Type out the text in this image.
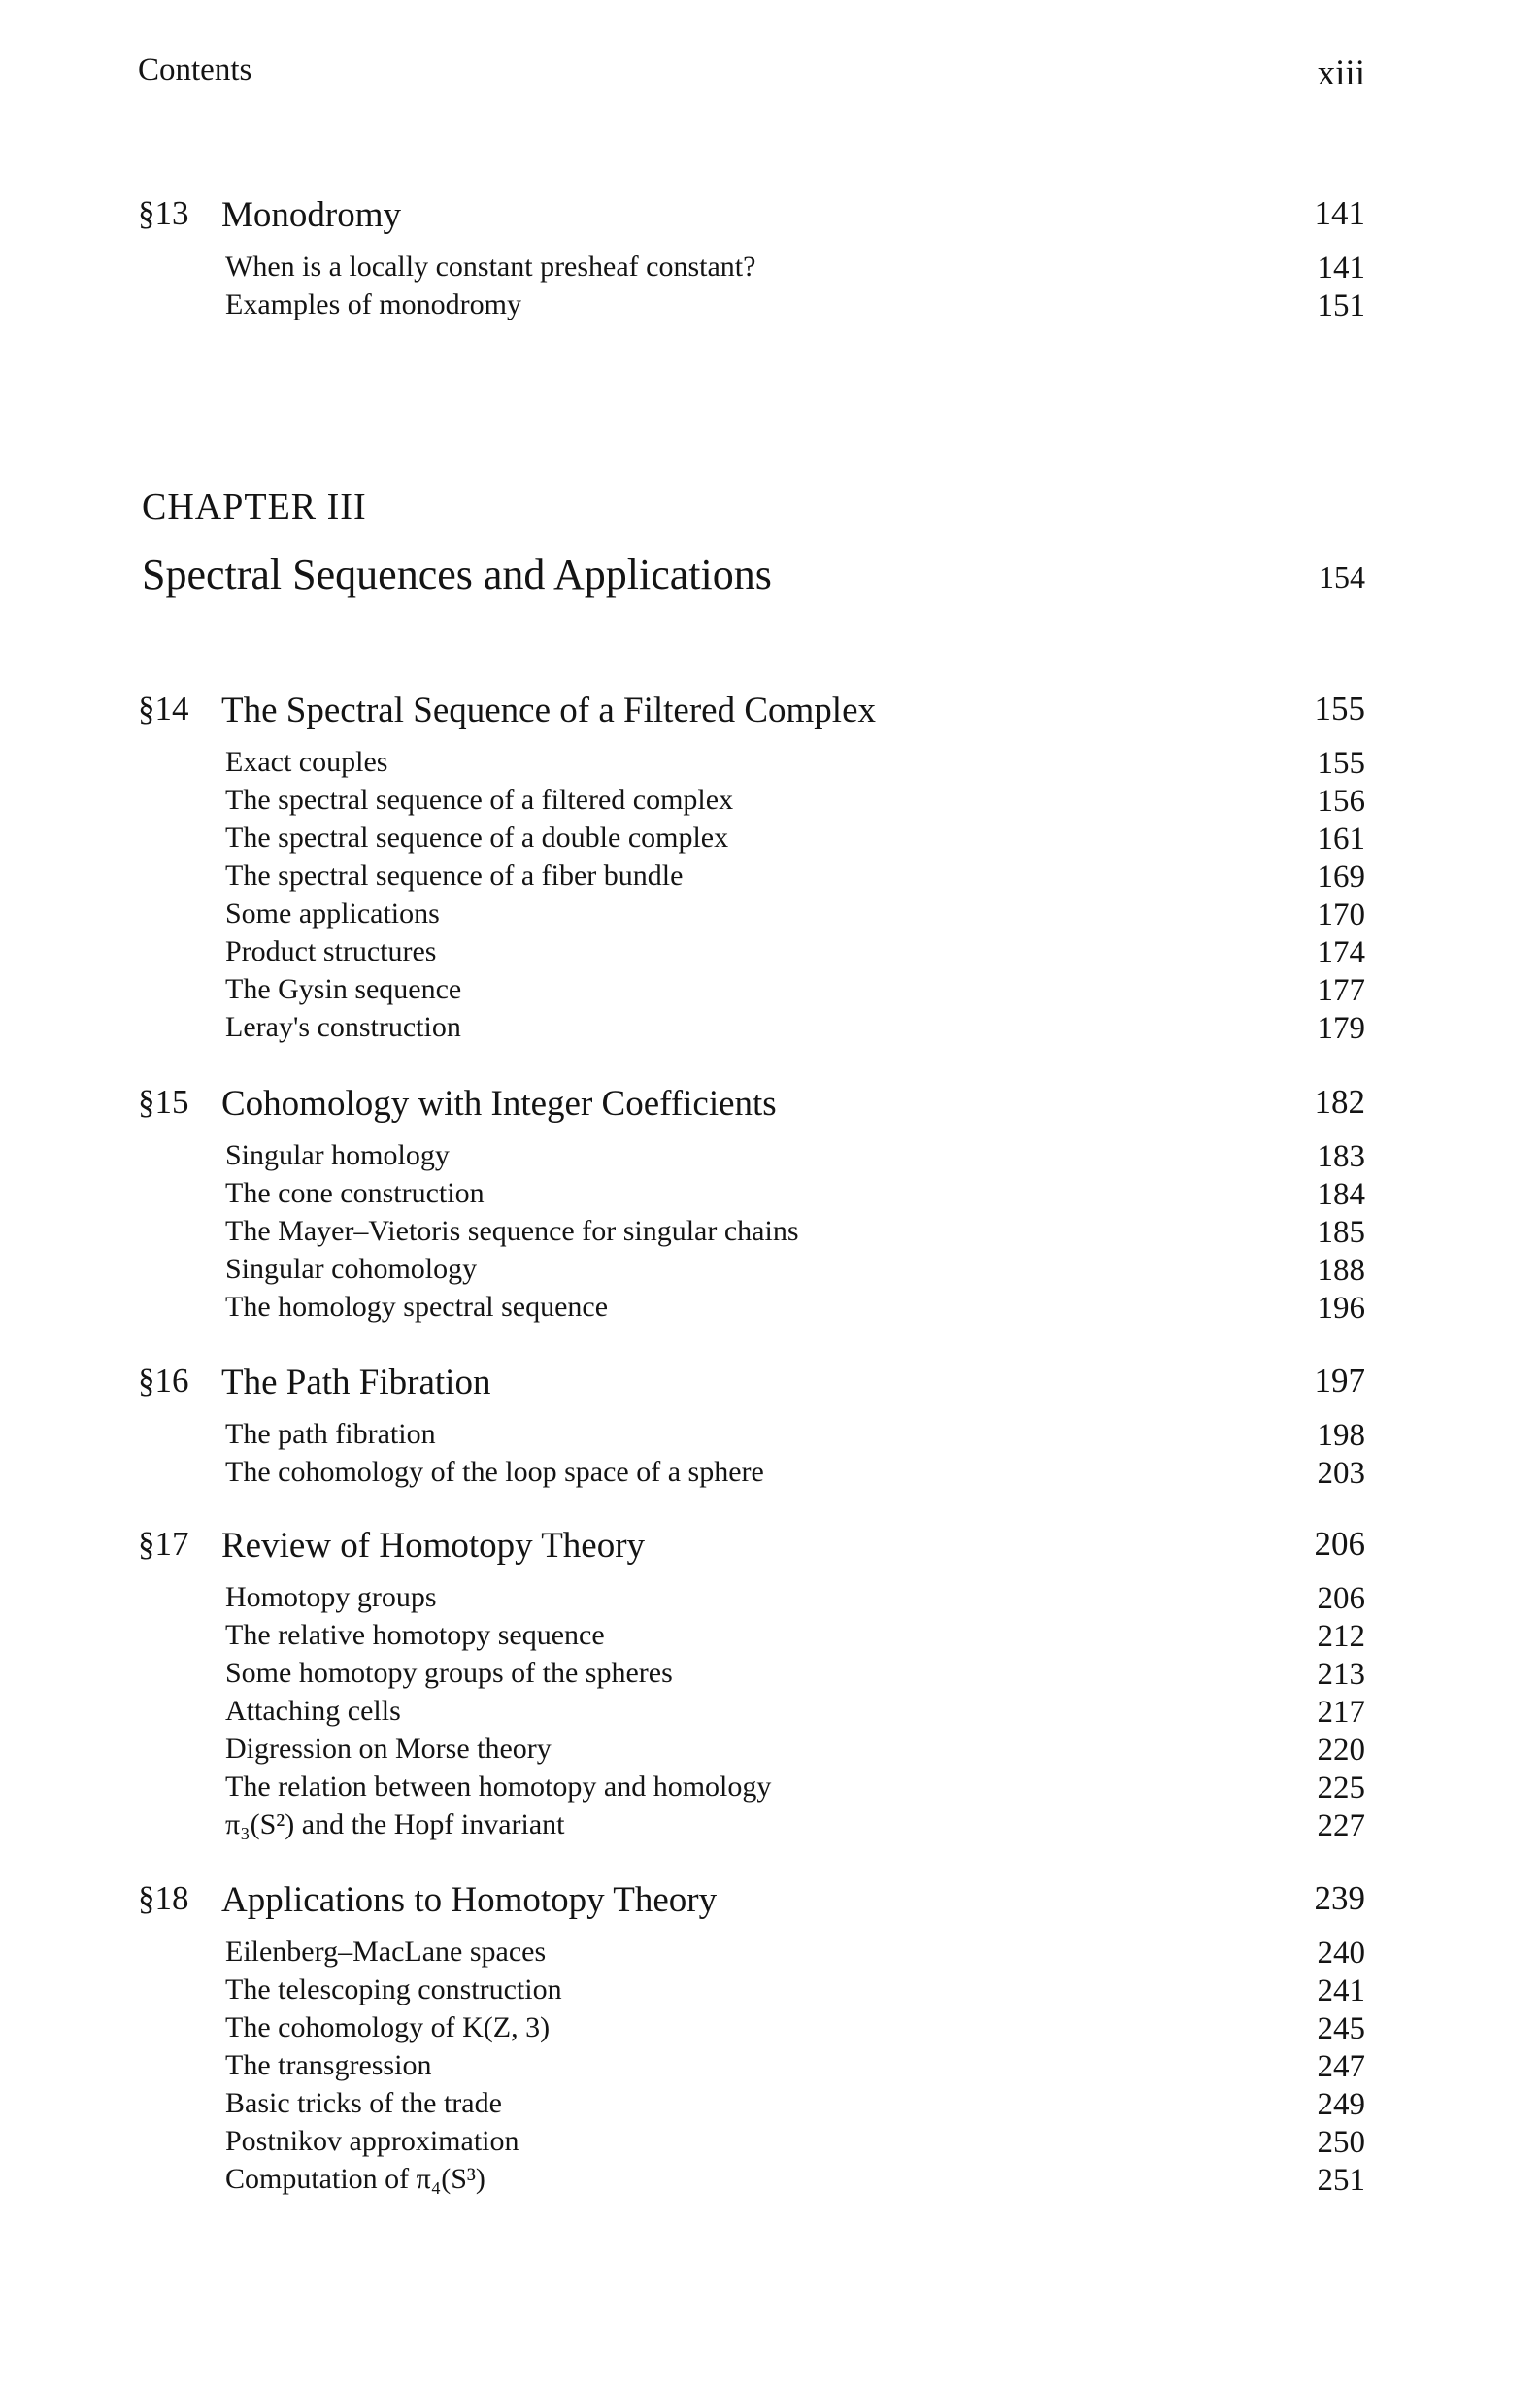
Contents	xiii
§13 Monodromy	141
When is a locally constant presheaf constant?	141
Examples of monodromy	151
CHAPTER III
Spectral Sequences and Applications	154
§14 The Spectral Sequence of a Filtered Complex	155
Exact couples	155
The spectral sequence of a filtered complex	156
The spectral sequence of a double complex	161
The spectral sequence of a fiber bundle	169
Some applications	170
Product structures	174
The Gysin sequence	177
Leray's construction	179
§15 Cohomology with Integer Coefficients	182
Singular homology	183
The cone construction	184
The Mayer–Vietoris sequence for singular chains	185
Singular cohomology	188
The homology spectral sequence	196
§16 The Path Fibration	197
The path fibration	198
The cohomology of the loop space of a sphere	203
§17 Review of Homotopy Theory	206
Homotopy groups	206
The relative homotopy sequence	212
Some homotopy groups of the spheres	213
Attaching cells	217
Digression on Morse theory	220
The relation between homotopy and homology	225
π₃(S²) and the Hopf invariant	227
§18 Applications to Homotopy Theory	239
Eilenberg–MacLane spaces	240
The telescoping construction	241
The cohomology of K(Z, 3)	245
The transgression	247
Basic tricks of the trade	249
Postnikov approximation	250
Computation of π₄(S³)	251
